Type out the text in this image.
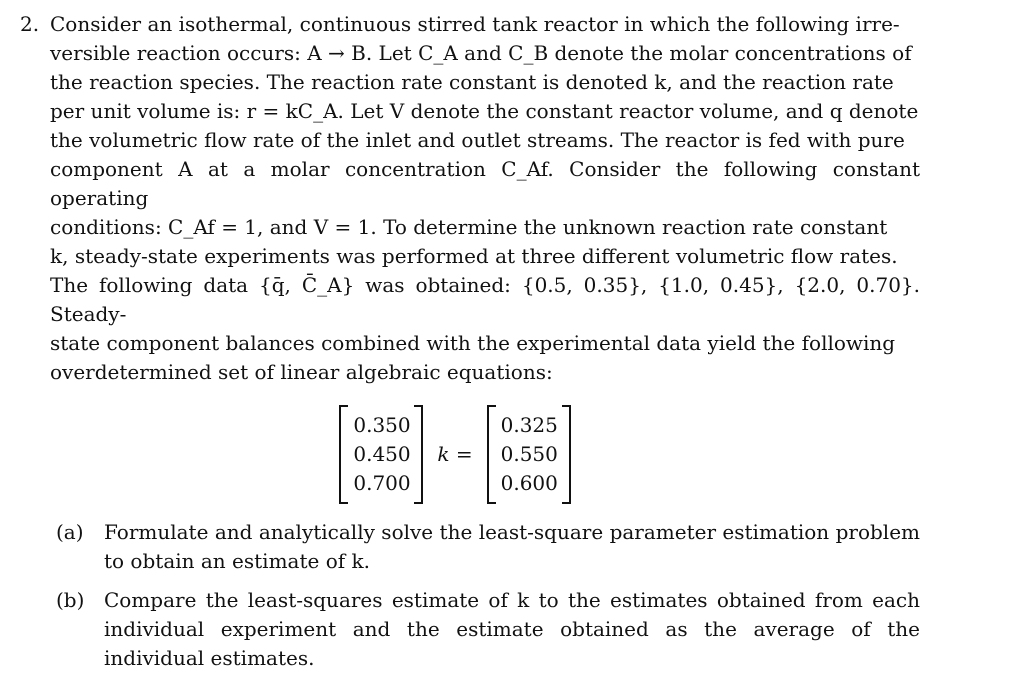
2. Consider an isothermal, continuous stirred tank reactor in which the following irre-
versible reaction occurs: A → B. Let C_A and C_B denote the molar concentrations of
the reaction species. The reaction rate constant is denoted k, and the reaction rate
per unit volume is: r = kC_A. Let V denote the constant reactor volume, and q denote
the volumetric flow rate of the inlet and outlet streams. The reactor is fed with pure
component A at a molar concentration C_Af. Consider the following constant operating
conditions: C_Af = 1, and V = 1. To determine the unknown reaction rate constant
k, steady-state experiments was performed at three different volumetric flow rates.
The following data {q̄, C̄_A} was obtained: {0.5, 0.35}, {1.0, 0.45}, {2.0, 0.70}. Steady-
state component balances combined with the experimental data yield the following
overdetermined set of linear algebraic equations:
0.350
0.450
0.700
k =
0.325
0.550
0.600
(a)	Formulate and analytically solve the least-square parameter estimation problem to obtain an estimate of k.
(b) Compare the least-squares estimate of k to the estimates obtained from each individual experiment and the estimate obtained as the average of the individual estimates.
